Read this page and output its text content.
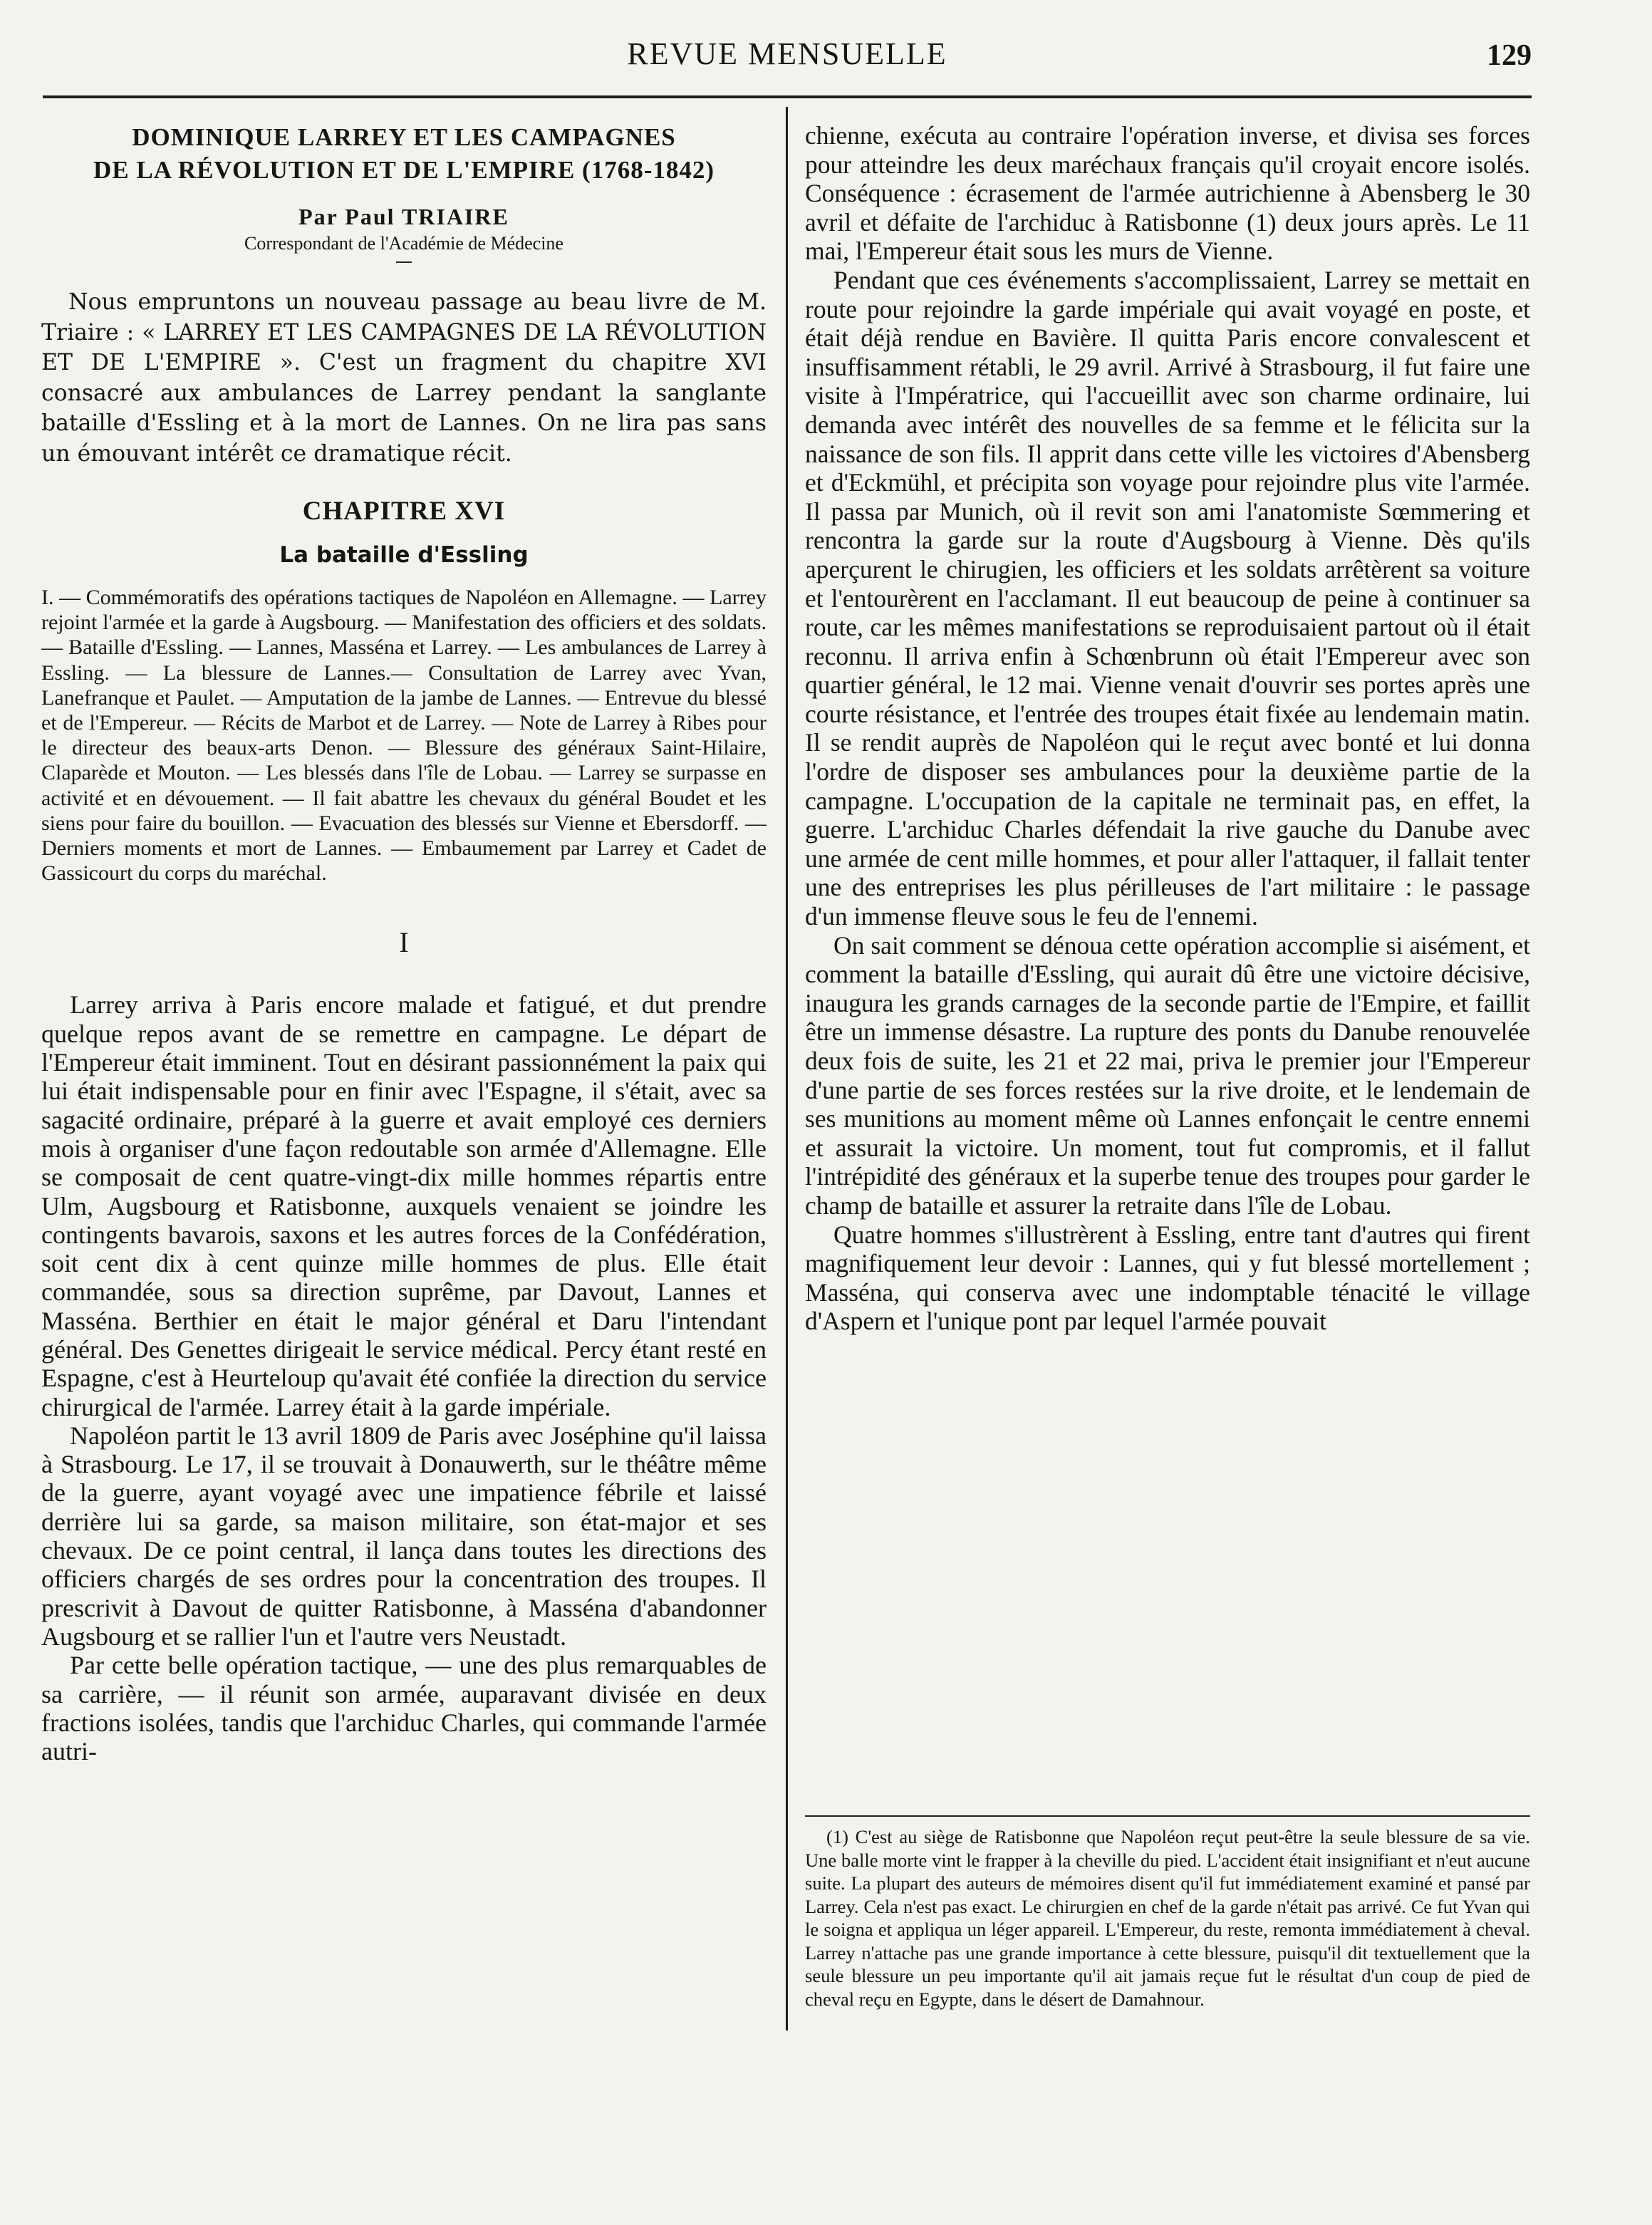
REVUE MENSUELLE	129
DOMINIQUE LARREY ET LES CAMPAGNES
DE LA RÉVOLUTION ET DE L'EMPIRE (1768-1842)

Par Paul TRIAIRE

Correspondant de l'Académie de Médecine

Nous empruntons un nouveau passage au beau livre de M. Triaire : « LARREY ET LES CAMPAGNES DE LA RÉVOLUTION ET DE L'EMPIRE ». C'est un fragment du chapitre XVI consacré aux ambulances de Larrey pendant la sanglante bataille d'Essling et à la mort de Lannes. On ne lira pas sans un émouvant intérêt ce dramatique récit.

CHAPITRE XVI
La bataille d'Essling

I. — Commémoratifs des opérations tactiques de Napoléon en Allemagne. — Larrey rejoint l'armée et la garde à Augsbourg. — Manifestation des officiers et des soldats. — Bataille d'Essling. — Lannes, Masséna et Larrey. — Les ambulances de Larrey à Essling. — La blessure de Lannes.— Consultation de Larrey avec Yvan, Lanefranque et Paulet. — Amputation de la jambe de Lannes. — Entrevue du blessé et de l'Empereur. — Récits de Marbot et de Larrey. — Note de Larrey à Ribes pour le directeur des beaux-arts Denon. — Blessure des généraux Saint-Hilaire, Claparède et Mouton. — Les blessés dans l'île de Lobau. — Larrey se surpasse en activité et en dévouement. — Il fait abattre les chevaux du général Boudet et les siens pour faire du bouillon. — Evacuation des blessés sur Vienne et Ebersdorff. — Derniers moments et mort de Lannes. — Embaumement par Larrey et Cadet de Gassicourt du corps du maréchal.

I

Larrey arriva à Paris encore malade et fatigué, et dut prendre quelque repos avant de se remettre en campagne. Le départ de l'Empereur était imminent. Tout en désirant passionnément la paix qui lui était indispensable pour en finir avec l'Espagne, il s'était, avec sa sagacité ordinaire, préparé à la guerre et avait employé ces derniers mois à organiser d'une façon redoutable son armée d'Allemagne. Elle se composait de cent quatre-vingt-dix mille hommes répartis entre Ulm, Augsbourg et Ratisbonne, auxquels venaient se joindre les contingents bavarois, saxons et les autres forces de la Confédération, soit cent dix à cent quinze mille hommes de plus. Elle était commandée, sous sa direction suprême, par Davout, Lannes et Masséna. Berthier en était le major général et Daru l'intendant général. Des Genettes dirigeait le service médical. Percy étant resté en Espagne, c'est à Heurteloup qu'avait été confiée la direction du service chirurgical de l'armée. Larrey était à la garde impériale.

Napoléon partit le 13 avril 1809 de Paris avec Joséphine qu'il laissa à Strasbourg. Le 17, il se trouvait à Donauwerth, sur le théâtre même de la guerre, ayant voyagé avec une impatience fébrile et laissé derrière lui sa garde, sa maison militaire, son état-major et ses chevaux. De ce point central, il lança dans toutes les directions des officiers chargés de ses ordres pour la concentration des troupes. Il prescrivit à Davout de quitter Ratisbonne, à Masséna d'abandonner Augsbourg et se rallier l'un et l'autre vers Neustadt.

Par cette belle opération tactique, — une des plus remarquables de sa carrière, — il réunit son armée, auparavant divisée en deux fractions isolées, tandis que l'archiduc Charles, qui commande l'armée autri-

chienne, exécuta au contraire l'opération inverse, et divisa ses forces pour atteindre les deux maréchaux français qu'il croyait encore isolés. Conséquence : écrasement de l'armée autrichienne à Abensberg le 30 avril et défaite de l'archiduc à Ratisbonne (1) deux jours après. Le 11 mai, l'Empereur était sous les murs de Vienne.

Pendant que ces événements s'accomplissaient, Larrey se mettait en route pour rejoindre la garde impériale qui avait voyagé en poste, et était déjà rendue en Bavière. Il quitta Paris encore convalescent et insuffisamment rétabli, le 29 avril. Arrivé à Strasbourg, il fut faire une visite à l'Impératrice, qui l'accueillit avec son charme ordinaire, lui demanda avec intérêt des nouvelles de sa femme et le félicita sur la naissance de son fils. Il apprit dans cette ville les victoires d'Abensberg et d'Eckmühl, et précipita son voyage pour rejoindre plus vite l'armée. Il passa par Munich, où il revit son ami l'anatomiste Sœmmering et rencontra la garde sur la route d'Augsbourg à Vienne. Dès qu'ils aperçurent le chirugien, les officiers et les soldats arrêtèrent sa voiture et l'entourèrent en l'acclamant. Il eut beaucoup de peine à continuer sa route, car les mêmes manifestations se reproduisaient partout où il était reconnu. Il arriva enfin à Schœnbrunn où était l'Empereur avec son quartier général, le 12 mai. Vienne venait d'ouvrir ses portes après une courte résistance, et l'entrée des troupes était fixée au lendemain matin. Il se rendit auprès de Napoléon qui le reçut avec bonté et lui donna l'ordre de disposer ses ambulances pour la deuxième partie de la campagne. L'occupation de la capitale ne terminait pas, en effet, la guerre. L'archiduc Charles défendait la rive gauche du Danube avec une armée de cent mille hommes, et pour aller l'attaquer, il fallait tenter une des entreprises les plus périlleuses de l'art militaire : le passage d'un immense fleuve sous le feu de l'ennemi.

On sait comment se dénoua cette opération accomplie si aisément, et comment la bataille d'Essling, qui aurait dû être une victoire décisive, inaugura les grands carnages de la seconde partie de l'Empire, et faillit être un immense désastre. La rupture des ponts du Danube renouvelée deux fois de suite, les 21 et 22 mai, priva le premier jour l'Empereur d'une partie de ses forces restées sur la rive droite, et le lendemain de ses munitions au moment même où Lannes enfonçait le centre ennemi et assurait la victoire. Un moment, tout fut compromis, et il fallut l'intrépidité des généraux et la superbe tenue des troupes pour garder le champ de bataille et assurer la retraite dans l'île de Lobau.

Quatre hommes s'illustrèrent à Essling, entre tant d'autres qui firent magnifiquement leur devoir : Lannes, qui y fut blessé mortellement ; Masséna, qui conserva avec une indomptable ténacité le village d'Aspern et l'unique pont par lequel l'armée pouvait

(1) C'est au siège de Ratisbonne que Napoléon reçut peut-être la seule blessure de sa vie. Une balle morte vint le frapper à la cheville du pied. L'accident était insignifiant et n'eut aucune suite. La plupart des auteurs de mémoires disent qu'il fut immédiatement examiné et pansé par Larrey. Cela n'est pas exact. Le chirurgien en chef de la garde n'était pas arrivé. Ce fut Yvan qui le soigna et appliqua un léger appareil. L'Empereur, du reste, remonta immédiatement à cheval. Larrey n'attache pas une grande importance à cette blessure, puisqu'il dit textuellement que la seule blessure un peu importante qu'il ait jamais reçue fut le résultat d'un coup de pied de cheval reçu en Egypte, dans le désert de Damahnour.
